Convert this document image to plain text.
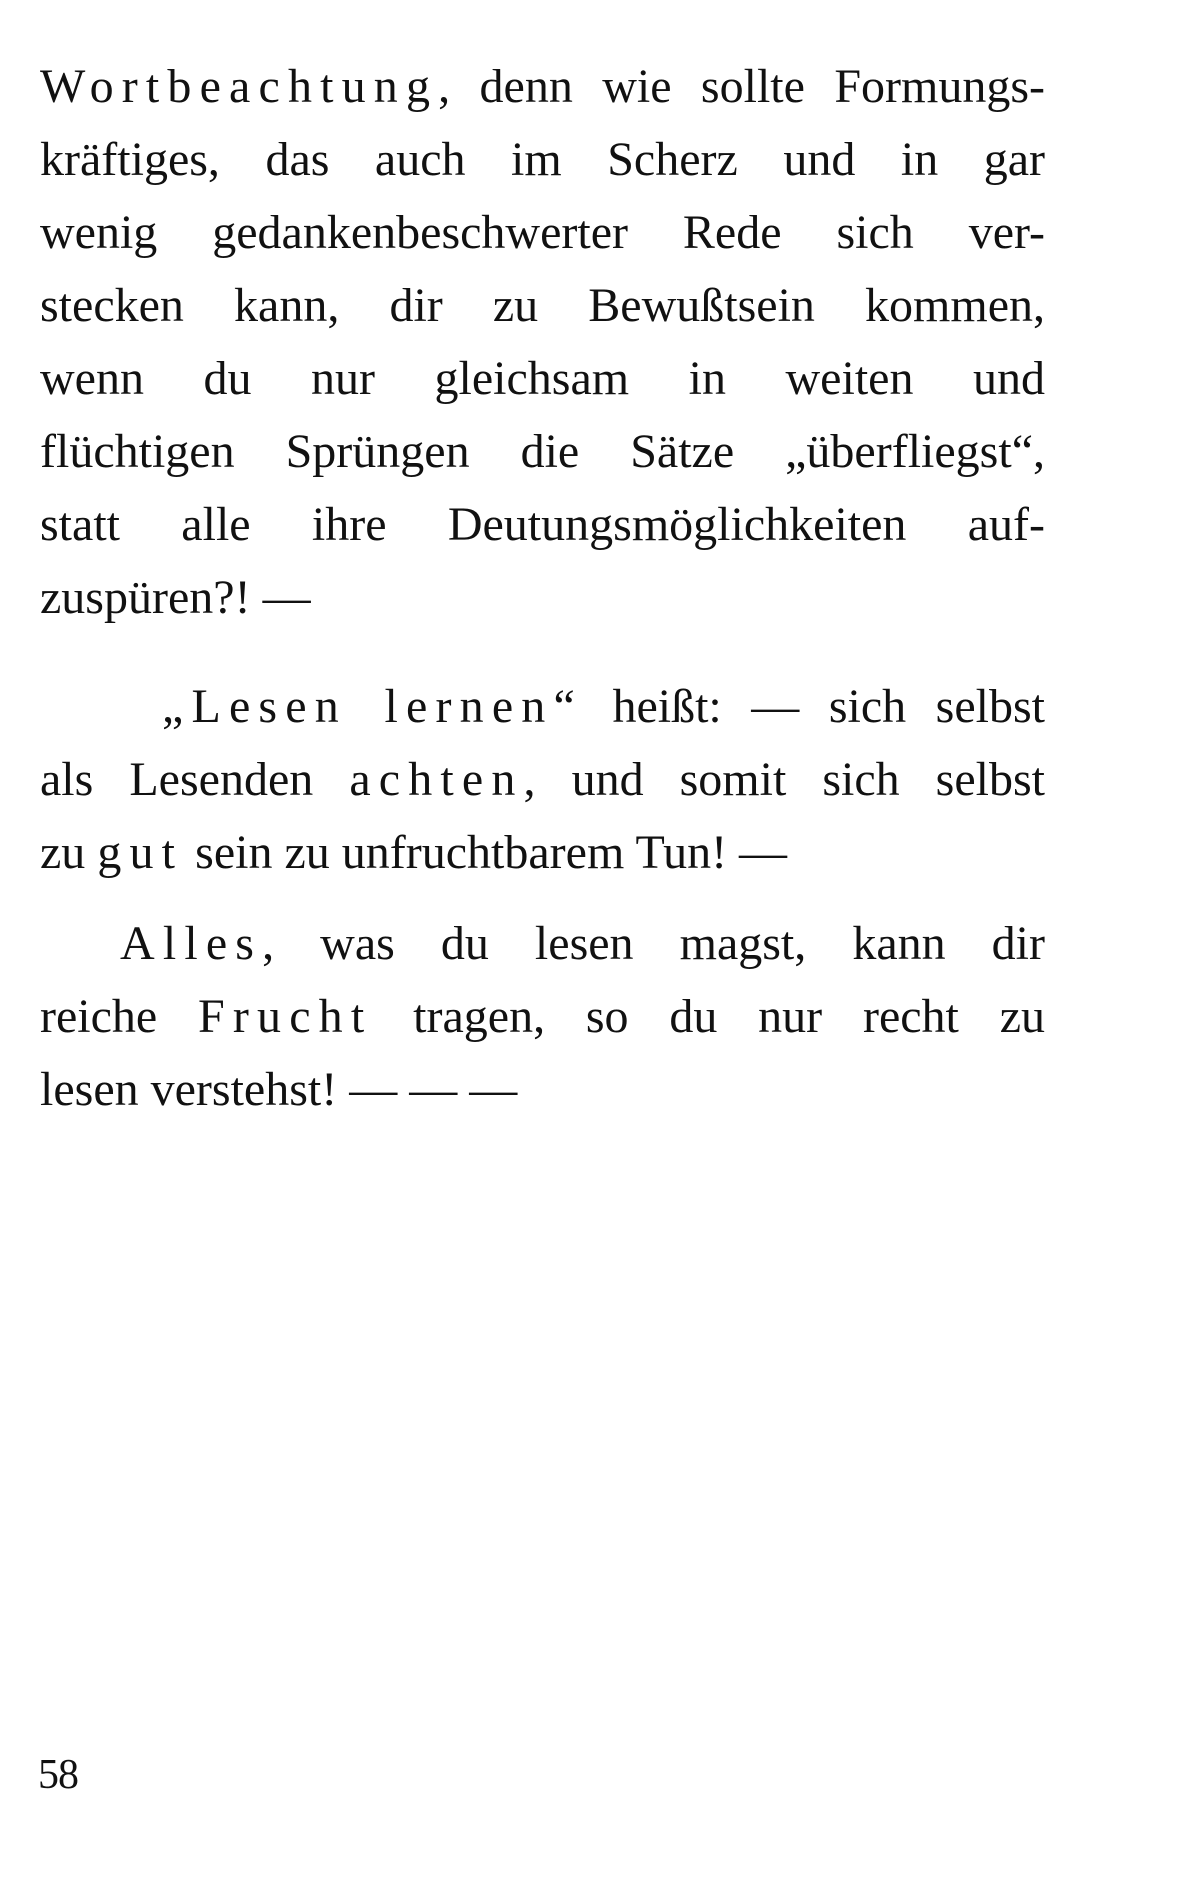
Wortbeachtung, denn wie sollte Formungs-
kräftiges, das auch im Scherz und in gar
wenig gedankenbeschwerter Rede sich ver-
stecken kann, dir zu Bewußtsein kommen,
wenn du nur gleichsam in weiten und
flüchtigen Sprüngen die Sätze „überfliegst“,
statt alle ihre Deutungsmöglichkeiten auf-
zuspüren?! —
„Lesen lernen“ heißt: — sich selbst
als Lesenden achten, und somit sich selbst
zu gut sein zu unfruchtbarem Tun! —
Alles, was du lesen magst, kann dir
reiche Frucht tragen, so du nur recht zu
lesen verstehst! — — —
58
